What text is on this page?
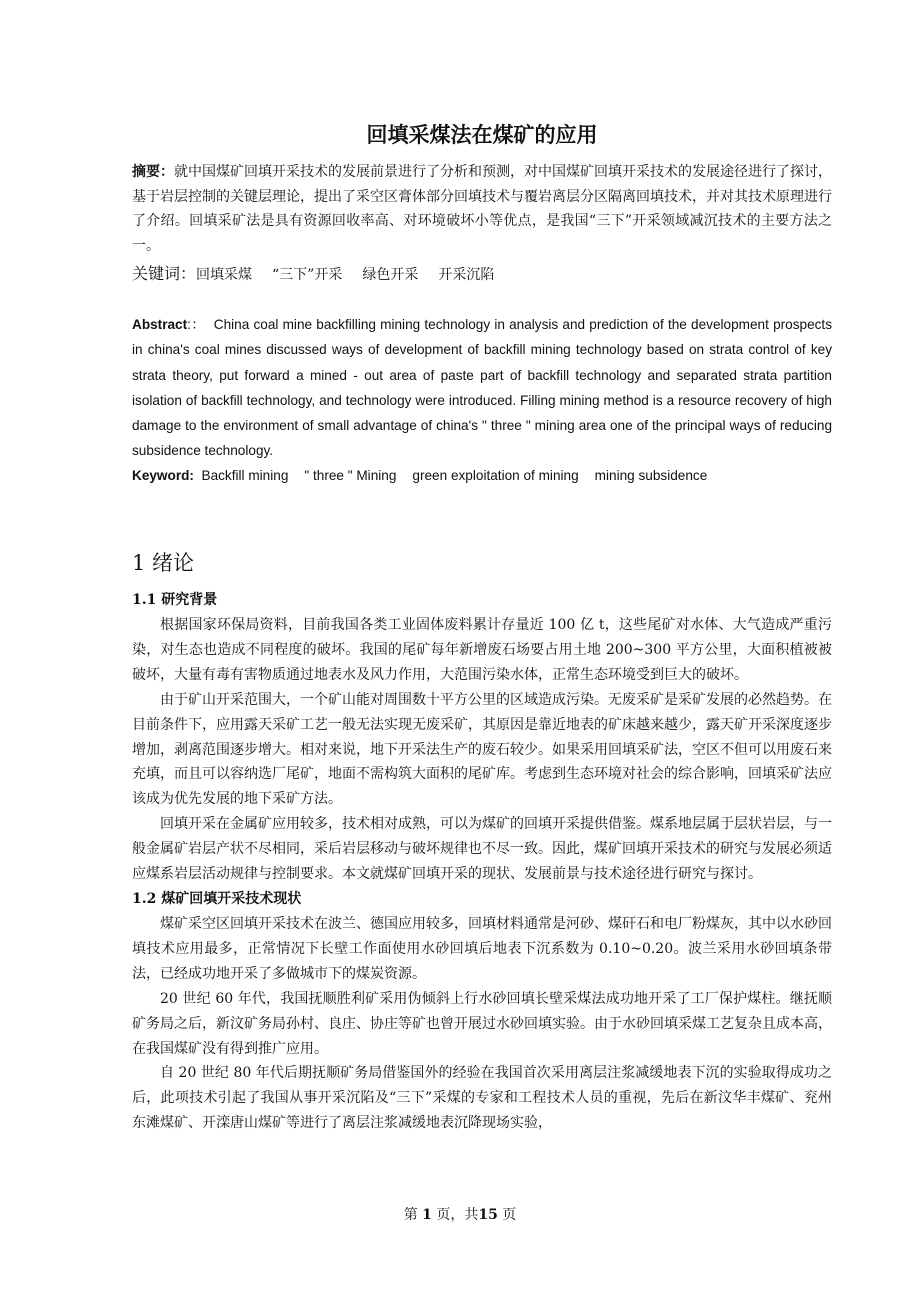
回填采煤法在煤矿的应用

摘要：就中国煤矿回填开采技术的发展前景进行了分析和预测，对中国煤矿回填开采技术的发展途径进行了探讨，基于岩层控制的关键层理论，提出了采空区膏体部分回填技术与覆岩离层分区隔离回填技术，并对其技术原理进行了介绍。回填采矿法是具有资源回收率高、对环境破坏小等优点，是我国“三下”开采领域减沉技术的主要方法之一。

关键词：回填采煤 “三下”开采 绿色开采 开采沉陷

Abstract:： China coal mine backfilling mining technology in analysis and prediction of the development prospects in china's coal mines discussed ways of development of backfill mining technology based on strata control of key strata theory, put forward a mined - out area of paste part of backfill technology and separated strata partition isolation of backfill technology, and technology were introduced. Filling mining method is a resource recovery of high damage to the environment of small advantage of china's " three " mining area one of the principal ways of reducing subsidence technology.

Keyword: Backfill mining " three " Mining green exploitation of mining mining subsidence
1 绪论

1.1 研究背景

根据国家环保局资料，目前我国各类工业固体废料累计存量近 100 亿 t，这些尾矿对水体、大气造成严重污染，对生态也造成不同程度的破坏。我国的尾矿每年新增废石场要占用土地 200~300 平方公里，大面积植被被破坏，大量有毒有害物质通过地表水及风力作用，大范围污染水体，正常生态环境受到巨大的破坏。

由于矿山开采范围大，一个矿山能对周围数十平方公里的区域造成污染。无废采矿是采矿发展的必然趋势。在目前条件下，应用露天采矿工艺一般无法实现无废采矿，其原因是靠近地表的矿床越来越少，露天矿开采深度逐步增加，剥离范围逐步增大。相对来说，地下开采法生产的废石较少。如果采用回填采矿法，空区不但可以用废石来充填，而且可以容纳选厂尾矿，地面不需构筑大面积的尾矿库。考虑到生态环境对社会的综合影响，回填采矿法应该成为优先发展的地下采矿方法。

回填开采在金属矿应用较多，技术相对成熟，可以为煤矿的回填开采提供借鉴。煤系地层属于层状岩层，与一般金属矿岩层产状不尽相同，采后岩层移动与破坏规律也不尽一致。因此，煤矿回填开采技术的研究与发展必须适应煤系岩层活动规律与控制要求。本文就煤矿回填开采的现状、发展前景与技术途径进行研究与探讨。

1.2 煤矿回填开采技术现状

煤矿采空区回填开采技术在波兰、德国应用较多，回填材料通常是河砂、煤矸石和电厂粉煤灰，其中以水砂回填技术应用最多，正常情况下长壁工作面使用水砂回填后地表下沉系数为 0.10~0.20。波兰采用水砂回填条带法，已经成功地开采了多做城市下的煤炭资源。

20 世纪 60 年代，我国抚顺胜利矿采用伪倾斜上行水砂回填长壁采煤法成功地开采了工厂保护煤柱。继抚顺矿务局之后，新汶矿务局孙村、良庄、协庄等矿也曾开展过水砂回填实验。由于水砂回填采煤工艺复杂且成本高，在我国煤矿没有得到推广应用。

自 20 世纪 80 年代后期抚顺矿务局借鉴国外的经验在我国首次采用离层注浆减缓地表下沉的实验取得成功之后，此项技术引起了我国从事开采沉陷及“三下”采煤的专家和工程技术人员的重视，先后在新汶华丰煤矿、兖州东滩煤矿、开滦唐山煤矿等进行了离层注浆减缓地表沉降现场实验，

第 1 页，共15 页
